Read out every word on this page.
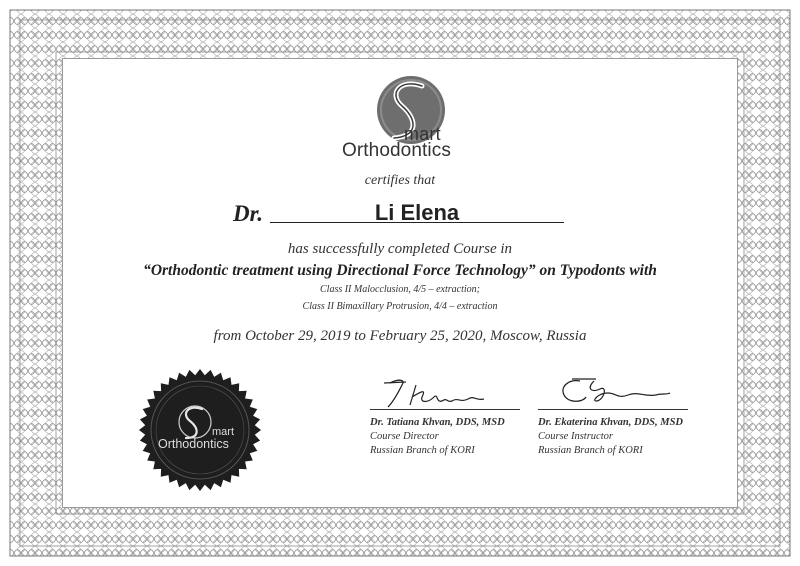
mart
Orthodontics
certifies that
Dr.	Li Elena
has successfully completed Course in
“Orthodontic treatment using Directional Force Technology” on Typodonts with
Class II Malocclusion, 4/5 – extraction;
Class II Bimaxillary Protrusion, 4/4 – extraction
from October 29, 2019 to February 25, 2020, Moscow, Russia
mart
Orthodontics
Dr. Tatiana Khvan, DDS, MSD
Course Director
Russian Branch of KORI
Dr. Ekaterina Khvan, DDS, MSD
Course Instructor
Russian Branch of KORI
